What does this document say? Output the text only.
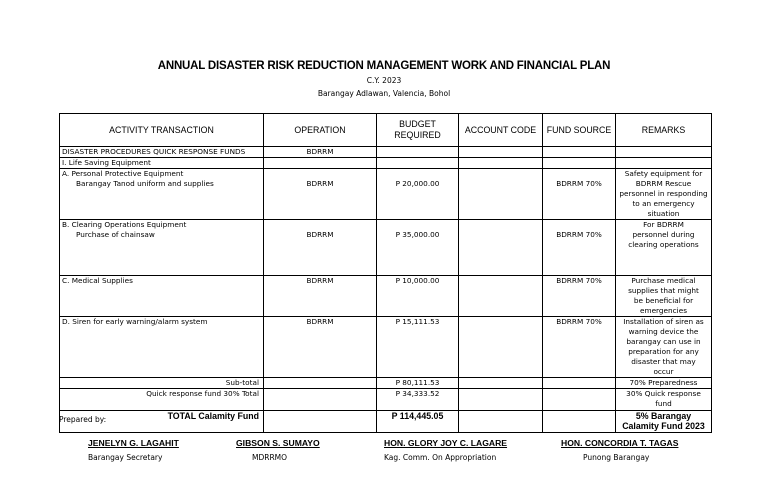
ANNUAL DISASTER RISK REDUCTION MANAGEMENT WORK AND FINANCIAL PLAN
C.Y. 2023
Barangay Adlawan, Valencia, Bohol
ACTIVITY TRANSACTION	OPERATION	BUDGET REQUIRED	ACCOUNT CODE	FUND SOURCE	REMARKS
DISASTER PROCEDURES QUICK RESPONSE FUNDS	BDRRM				
I. Life Saving Equipment					

A. Personal Protective Equipment
Barangay Tanod uniform and supplies	BDRRM	P 20,000.00		BDRRM 70%	Safety equipment for BDRRM Rescue personnel in responding to an emergency situation

B. Clearing Operations Equipment
Purchase of chainsaw	BDRRM	P 35,000.00		BDRRM 70%	For BDRRM personnel during clearing operations
C. Medical Supplies	BDRRM	P 10,000.00		BDRRM 70%	Purchase medical supplies that might be beneficial for emergencies
D. Siren for early warning/alarm system	BDRRM	P 15,111.53		BDRRM 70%	Installation of siren as warning device the barangay can use in preparation for any disaster that may occur
Sub-total		P 80,111.53			70% Preparedness
Quick response fund 30% Total		P 34,333.52			30% Quick response fund
TOTAL Calamity Fund		P 114,445.05			5% Barangay Calamity Fund 2023
Prepared by:
JENELYN G. LAGAHIT
Barangay Secretary
GIBSON S. SUMAYO
MDRRMO
HON. GLORY JOY C. LAGARE
Kag. Comm. On Appropriation
HON. CONCORDIA T. TAGAS
Punong Barangay
